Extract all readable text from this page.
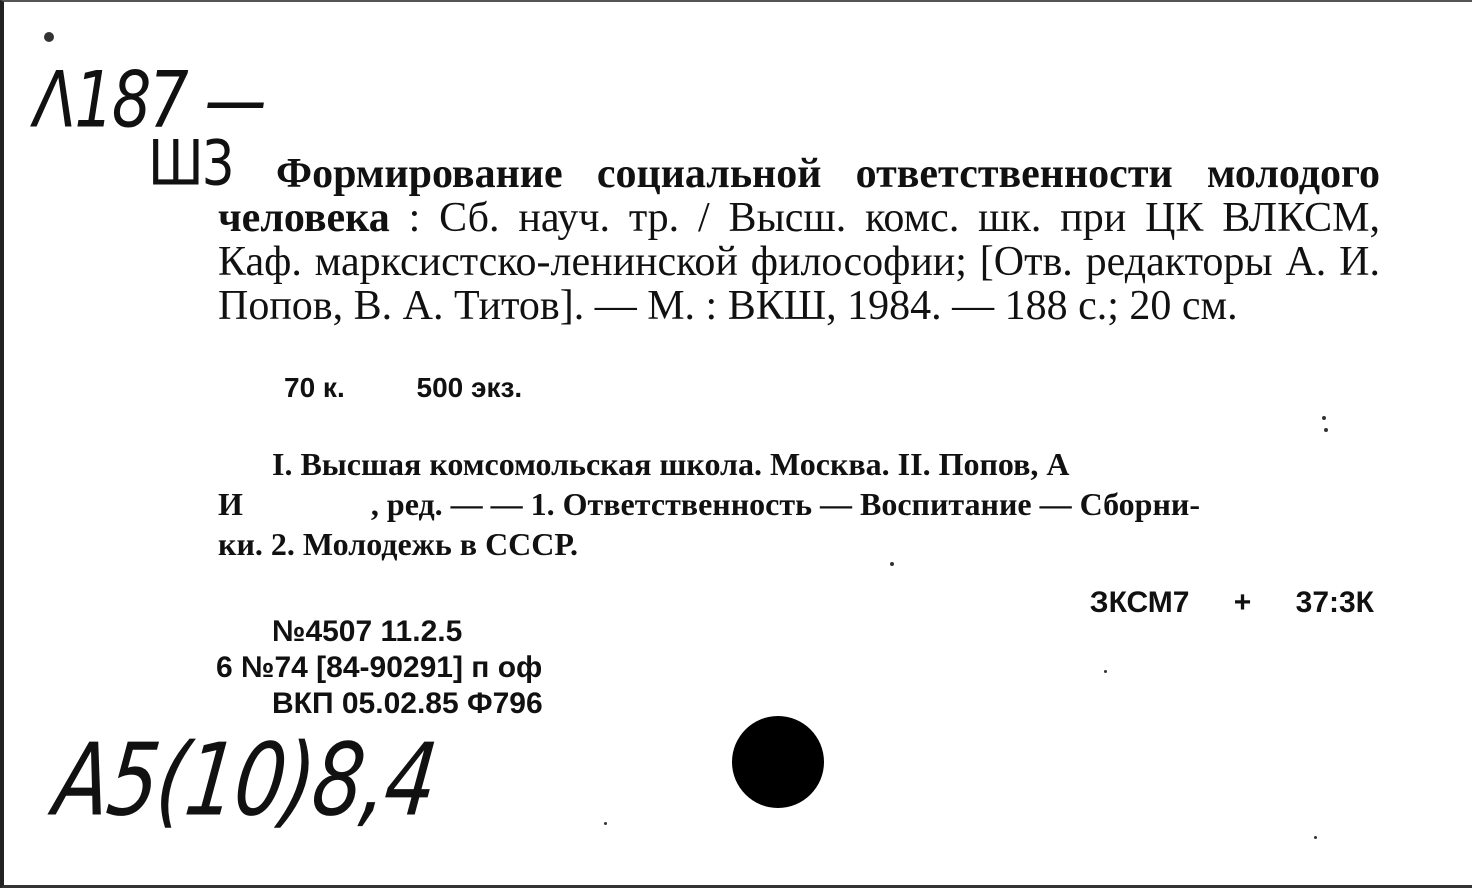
Λ187 —
Ш3	Формирование социальной ответственности молодого человека : Сб. науч. тр. / Высш. комс. шк. при ЦК ВЛКСМ, Каф. марксистско-ленинской философии; [Отв. редакторы А. И. Попов, В. А. Титов]. — М. : ВКШ, 1984. — 188 с.; 20 см.
70 к.	500 экз.
I. Высшая комсомольская школа. Москва. II. Попов, А
И                , ред. — — 1. Ответственность — Воспитание — Сборни-
ки. 2. Молодежь в СССР.
ЗКСМ7 + 37:3К
№4507 11.2.5
6 №74 [84-90291] п оф
ВКП 05.02.85 Ф796
А5(10)8,4
